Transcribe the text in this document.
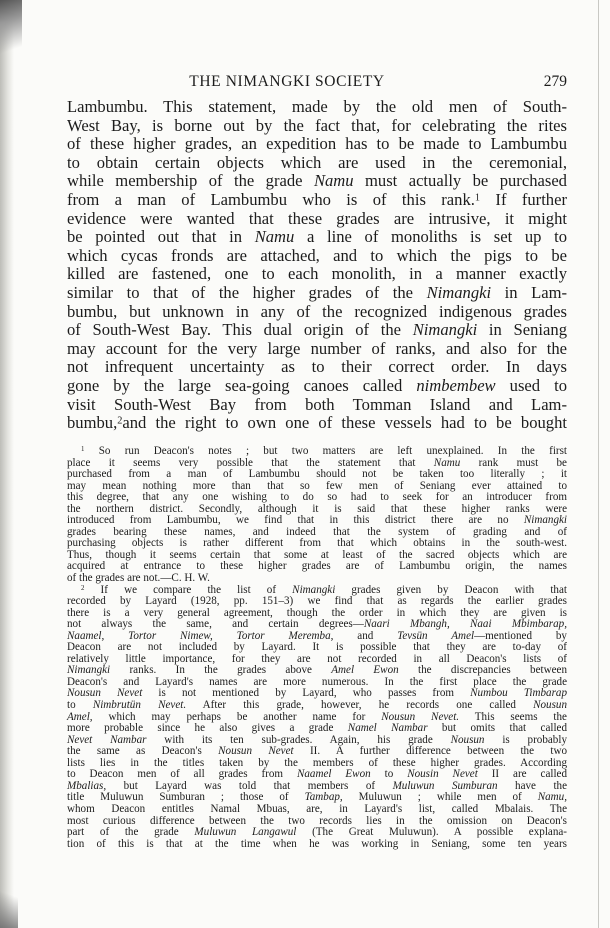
THE NIMANGKI SOCIETY	279
Lambumbu. This statement, made by the old men of South-
West Bay, is borne out by the fact that, for celebrating the rites
of these higher grades, an expedition has to be made to Lambumbu
to obtain certain objects which are used in the ceremonial,
while membership of the grade Namu must actually be purchased
from a man of Lambumbu who is of this rank.$^1$ If further
evidence were wanted that these grades are intrusive, it might
be pointed out that in Namu a line of monoliths is set up to
which cycas fronds are attached, and to which the pigs to be
killed are fastened, one to each monolith, in a manner exactly
similar to that of the higher grades of the Nimangki in Lam-
bumbu, but unknown in any of the recognized indigenous grades
of South-West Bay. This dual origin of the Nimangki in Seniang
may account for the very large number of ranks, and also for the
not infrequent uncertainty as to their correct order. In days
gone by the large sea-going canoes called nimbembew used to
visit South-West Bay from both Tomman Island and Lam-
bumbu,$^2$and the right to own one of these vessels had to be bought
$^1$ So run Deacon's notes ; but two matters are left unexplained. In the first
place it seems very possible that the statement that Namu rank must be
purchased from a man of Lambumbu should not be taken too literally ; it
may mean nothing more than that so few men of Seniang ever attained to
this degree, that any one wishing to do so had to seek for an introducer from
the northern district. Secondly, although it is said that these higher ranks were
introduced from Lambumbu, we find that in this district there are no Nimangki
grades bearing these names, and indeed that the system of grading and of
purchasing objects is rather different from that which obtains in the south-west.
Thus, though it seems certain that some at least of the sacred objects which are
acquired at entrance to these higher grades are of Lambumbu origin, the names
of the grades are not.—C. H. W.
$^2$ If we compare the list of Nimangki grades given by Deacon with that
recorded by Layard (1928, pp. 151–3) we find that as regards the earlier grades
there is a very general agreement, though the order in which they are given is
not always the same, and certain degrees—Naari Mbangh, Naai Mbimbarap,
Naamel, Tortor Nimew, Tortor Meremba, and Tevsün Amel—mentioned by
Deacon are not included by Layard. It is possible that they are to-day of
relatively little importance, for they are not recorded in all Deacon's lists of
Nimangki ranks. In the grades above Amel Ewon the discrepancies between
Deacon's and Layard's names are more numerous. In the first place the grade
Nousun Nevet is not mentioned by Layard, who passes from Numbou Timbarap
to Nimbrutün Nevet. After this grade, however, he records one called Nousun
Amel, which may perhaps be another name for Nousun Nevet. This seems the
more probable since he also gives a grade Namel Nambar but omits that called
Nevet Nambar with its ten sub-grades. Again, his grade Nousun is probably
the same as Deacon's Nousun Nevet II. A further difference between the two
lists lies in the titles taken by the members of these higher grades. According
to Deacon men of all grades from Naamel Ewon to Nousin Nevet II are called
Mbalias, but Layard was told that members of Muluwun Sumburan have the
title Muluwun Sumburan ; those of Tambap, Muluwun ; while men of Namu,
whom Deacon entitles Namal Mbuas, are, in Layard's list, called Mbalais. The
most curious difference between the two records lies in the omission on Deacon's
part of the grade Muluwun Langawul (The Great Muluwun). A possible explana-
tion of this is that at the time when he was working in Seniang, some ten years
